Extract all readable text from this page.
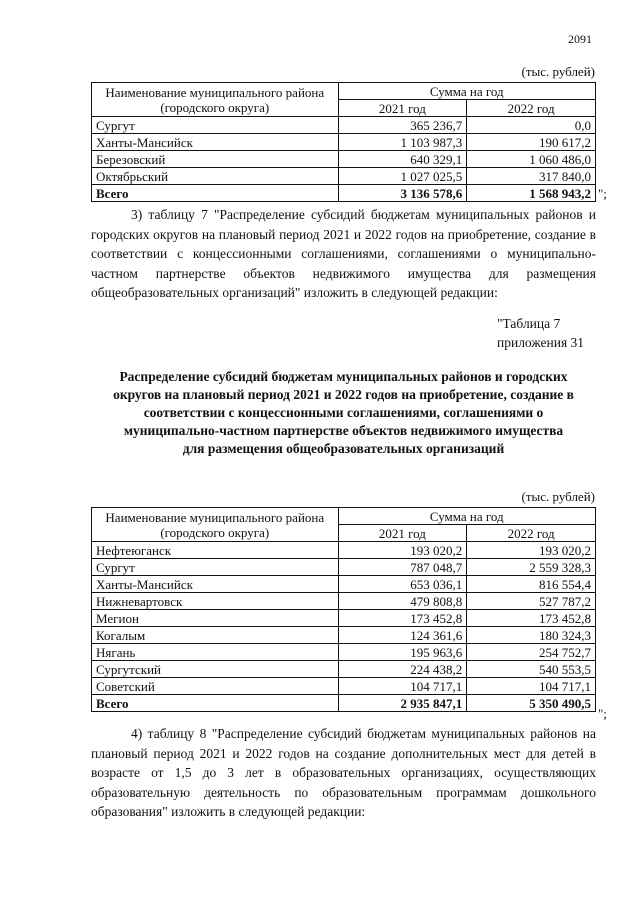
2091
(тыс. рублей)
Наименование муниципального района (городского округа)	Сумма на год	
	2021 год	2022 год
Сургут	365 236,7	0,0
Ханты-Мансийск	1 103 987,3	190 617,2
Березовский	640 329,1	1 060 486,0
Октябрьский	1 027 025,5	317 840,0
Всего	3 136 578,6	1 568 943,2 ";

3) таблицу 7 "Распределение субсидий бюджетам муниципальных районов и городских округов на плановый период 2021 и 2022 годов на приобретение, создание в соответствии с концессионными соглашениями, соглашениями о муниципально-частном партнерстве объектов недвижимого имущества для размещения общеобразовательных организаций" изложить в следующей редакции:

"Таблица 7
приложения 31

Распределение субсидий бюджетам муниципальных районов и городских округов на плановый период 2021 и 2022 годов на приобретение, создание в соответствии с концессионными соглашениями, соглашениями о муниципально-частном партнерстве объектов недвижимого имущества для размещения общеобразовательных организаций

(тыс. рублей)
Наименование муниципального района (городского округа)	Сумма на год	
	2021 год	2022 год
Нефтеюганск	193 020,2	193 020,2
Сургут	787 048,7	2 559 328,3
Ханты-Мансийск	653 036,1	816 554,4
Нижневартовск	479 808,8	527 787,2
Мегион	173 452,8	173 452,8
Когалым	124 361,6	180 324,3
Нягань	195 963,6	254 752,7
Сургутский	224 438,2	540 553,5
Советский	104 717,1	104 717,1
Всего	2 935 847,1	5 350 490,5
";

4) таблицу 8 "Распределение субсидий бюджетам муниципальных районов на плановый период 2021 и 2022 годов на создание дополнительных мест для детей в возрасте от 1,5 до 3 лет в образовательных организациях, осуществляющих образовательную деятельность по образовательным программам дошкольного образования" изложить в следующей редакции:
